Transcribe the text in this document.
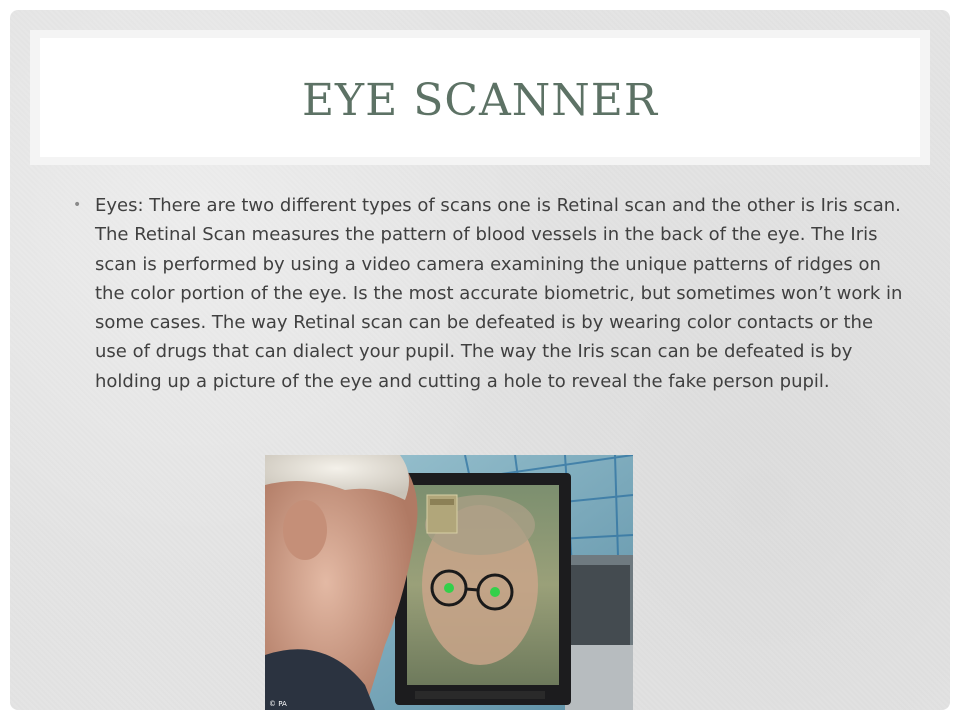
EYE SCANNER
• Eyes: There are two different types of scans one is Retinal scan and the other is Iris scan. The Retinal Scan measures the pattern of blood vessels in the back of the eye. The Iris scan is performed by using a video camera examining the unique patterns of ridges on the color portion of the eye. Is the most accurate biometric, but sometimes won’t work in some cases. The way Retinal scan can be defeated is by wearing color contacts or the use of drugs that can dialect your pupil. The way the Iris scan can be defeated is by holding up a picture of the eye and cutting a hole to reveal the fake person pupil.
© PA
